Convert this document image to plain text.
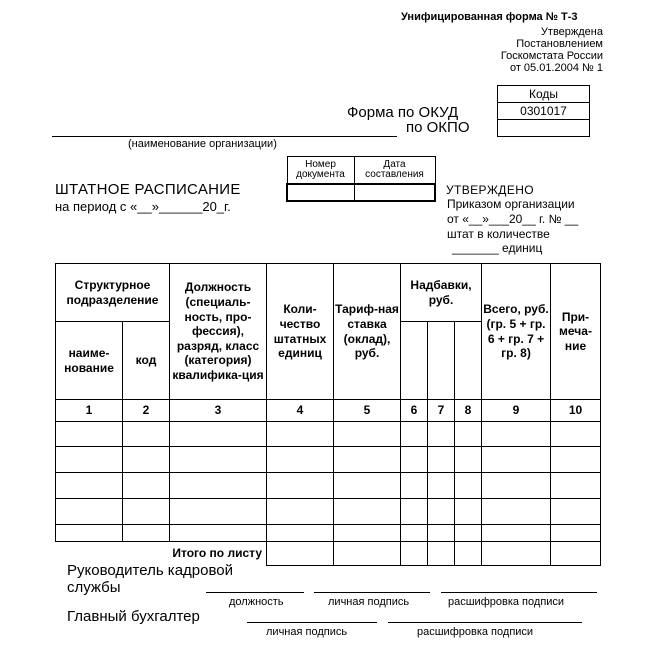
Унифицированная форма № Т-3
Утверждена
Постановлением
Госкомстата России
от 05.01.2004 № 1
Коды
0301017
Форма по ОКУД
по ОКПО
(наименование организации)
Номер документа	Дата составления

ШТАТНОЕ РАСПИСАНИЕ
на период с «__»______20_г.
УТВЕРЖДЕНО
Приказом организации
от «__»___20__ г. № __
штат в количестве
_______ единиц
Структурное подразделение		Должность (специаль-ность, про-фессия), разряд, класс (категория) квалифика-ция	Коли-чество штатных единиц	Тариф-ная ставка (оклад), руб.	Надбавки, руб.			Всего, руб. (гр. 5 + гр. 6 + гр. 7 + гр. 8)	При-меча-ние
наиме-нование	код								
1	2	3	4	5	6	7	8	9	10

Итого по листу									
Руководитель кадровой
службы
должность	личная подпись	расшифровка подписи
Главный бухгалтер
личная подпись	расшифровка подписи
